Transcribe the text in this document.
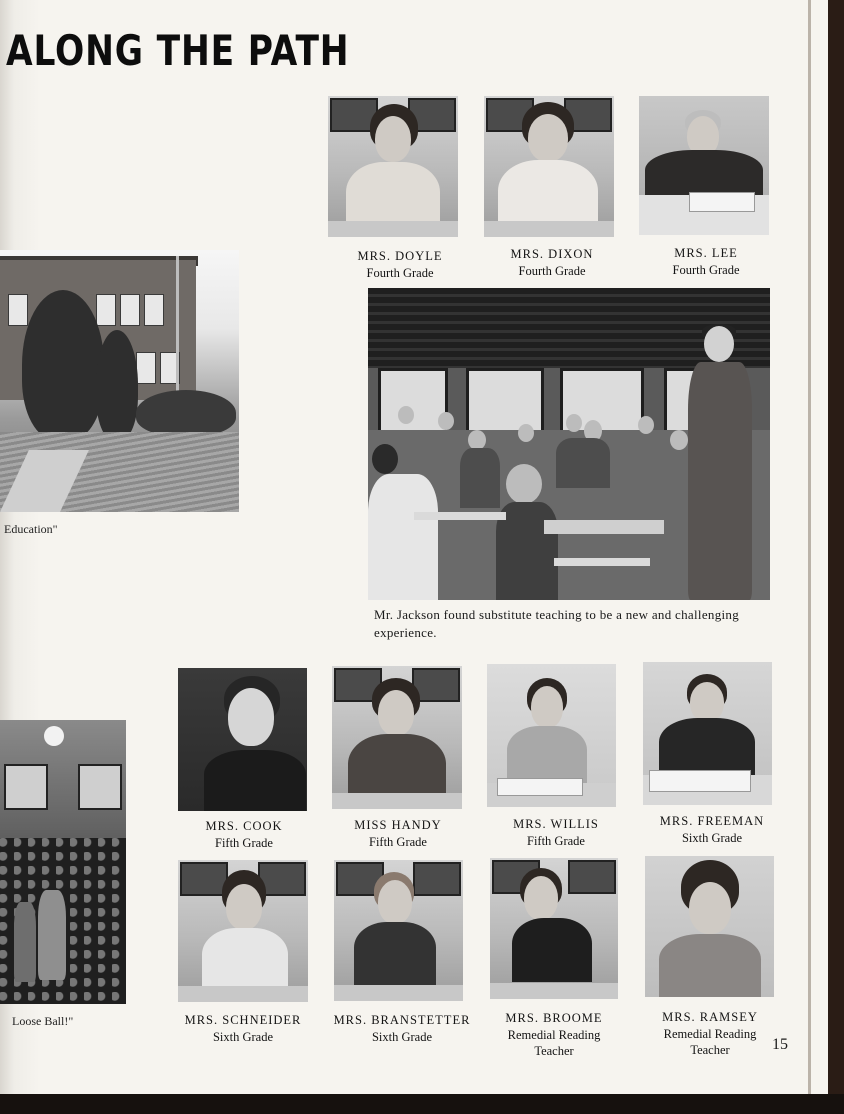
ALONG THE PATH
Education"
MRS. DOYLE
Fourth Grade
MRS. DIXON
Fourth Grade
MRS. LEE
Fourth Grade
Mr. Jackson found substitute teaching to be a new and challenging experience.
Loose Ball!"
MRS. COOK
Fifth Grade
MISS HANDY
Fifth Grade
MRS. WILLIS
Fifth Grade
MRS. FREEMAN
Sixth Grade
MRS. SCHNEIDER
Sixth Grade
MRS. BRANSTETTER
Sixth Grade
MRS. BROOME
Remedial Reading
Teacher
MRS. RAMSEY
Remedial Reading
Teacher	15
